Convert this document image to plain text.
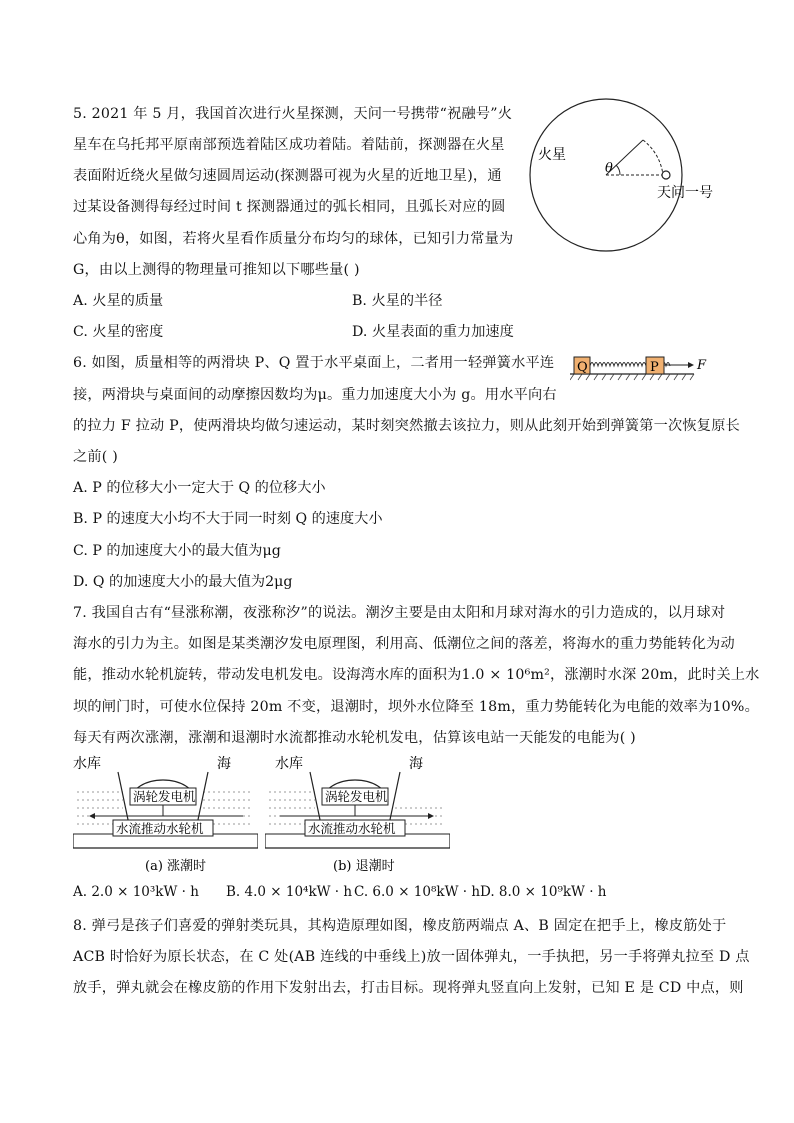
5. 2021 年 5 月，我国首次进行火星探测，天问一号携带“祝融号”火
星车在乌托邦平原南部预选着陆区成功着陆。着陆前，探测器在火星
表面附近绕火星做匀速圆周运动(探测器可视为火星的近地卫星)，通
过某设备测得每经过时间 t 探测器通过的弧长相同，且弧长对应的圆
心角为θ，如图，若将火星看作质量分布均匀的球体，已知引力常量为
G，由以上测得的物理量可推知以下哪些量( )
火星
θ
天问一号
A. 火星的质量	B. 火星的半径
C. 火星的密度	D. 火星表面的重力加速度
6. 如图，质量相等的两滑块 P、Q 置于水平桌面上，二者用一轻弹簧水平连
接，两滑块与桌面间的动摩擦因数均为μ。重力加速度大小为 g。用水平向右
的拉力 F 拉动 P，使两滑块均做匀速运动，某时刻突然撤去该拉力，则从此刻开始到弹簧第一次恢复原长
之前( )
Q	P	F
A. P 的位移大小一定大于 Q 的位移大小
B. P 的速度大小均不大于同一时刻 Q 的速度大小
C. P 的加速度大小的最大值为μg
D. Q 的加速度大小的最大值为2μg
7. 我国自古有“昼涨称潮，夜涨称汐”的说法。潮汐主要是由太阳和月球对海水的引力造成的，以月球对
海水的引力为主。如图是某类潮汐发电原理图，利用高、低潮位之间的落差，将海水的重力势能转化为动
能，推动水轮机旋转，带动发电机发电。设海湾水库的面积为1.0 × 10⁶m²，涨潮时水深 20m，此时关上水
坝的闸门时，可使水位保持 20m 不变，退潮时，坝外水位降至 18m，重力势能转化为电能的效率为10%。
每天有两次涨潮，涨潮和退潮时水流都推动水轮机发电，估算该电站一天能发的电能为( )
水库	海
涡轮发电机
水流推动水轮机
(a) 涨潮时
水库	海
涡轮发电机
水流推动水轮机
(b) 退潮时
A. 2.0 × 10³kW · h B. 4.0 × 10⁴kW · h C. 6.0 × 10⁸kW · h D. 8.0 × 10⁹kW · h
8. 弹弓是孩子们喜爱的弹射类玩具，其构造原理如图，橡皮筋两端点 A、B 固定在把手上，橡皮筋处于
ACB 时恰好为原长状态，在 C 处(AB 连线的中垂线上)放一固体弹丸，一手执把，另一手将弹丸拉至 D 点
放手，弹丸就会在橡皮筋的作用下发射出去，打击目标。现将弹丸竖直向上发射，已知 E 是 CD 中点，则
